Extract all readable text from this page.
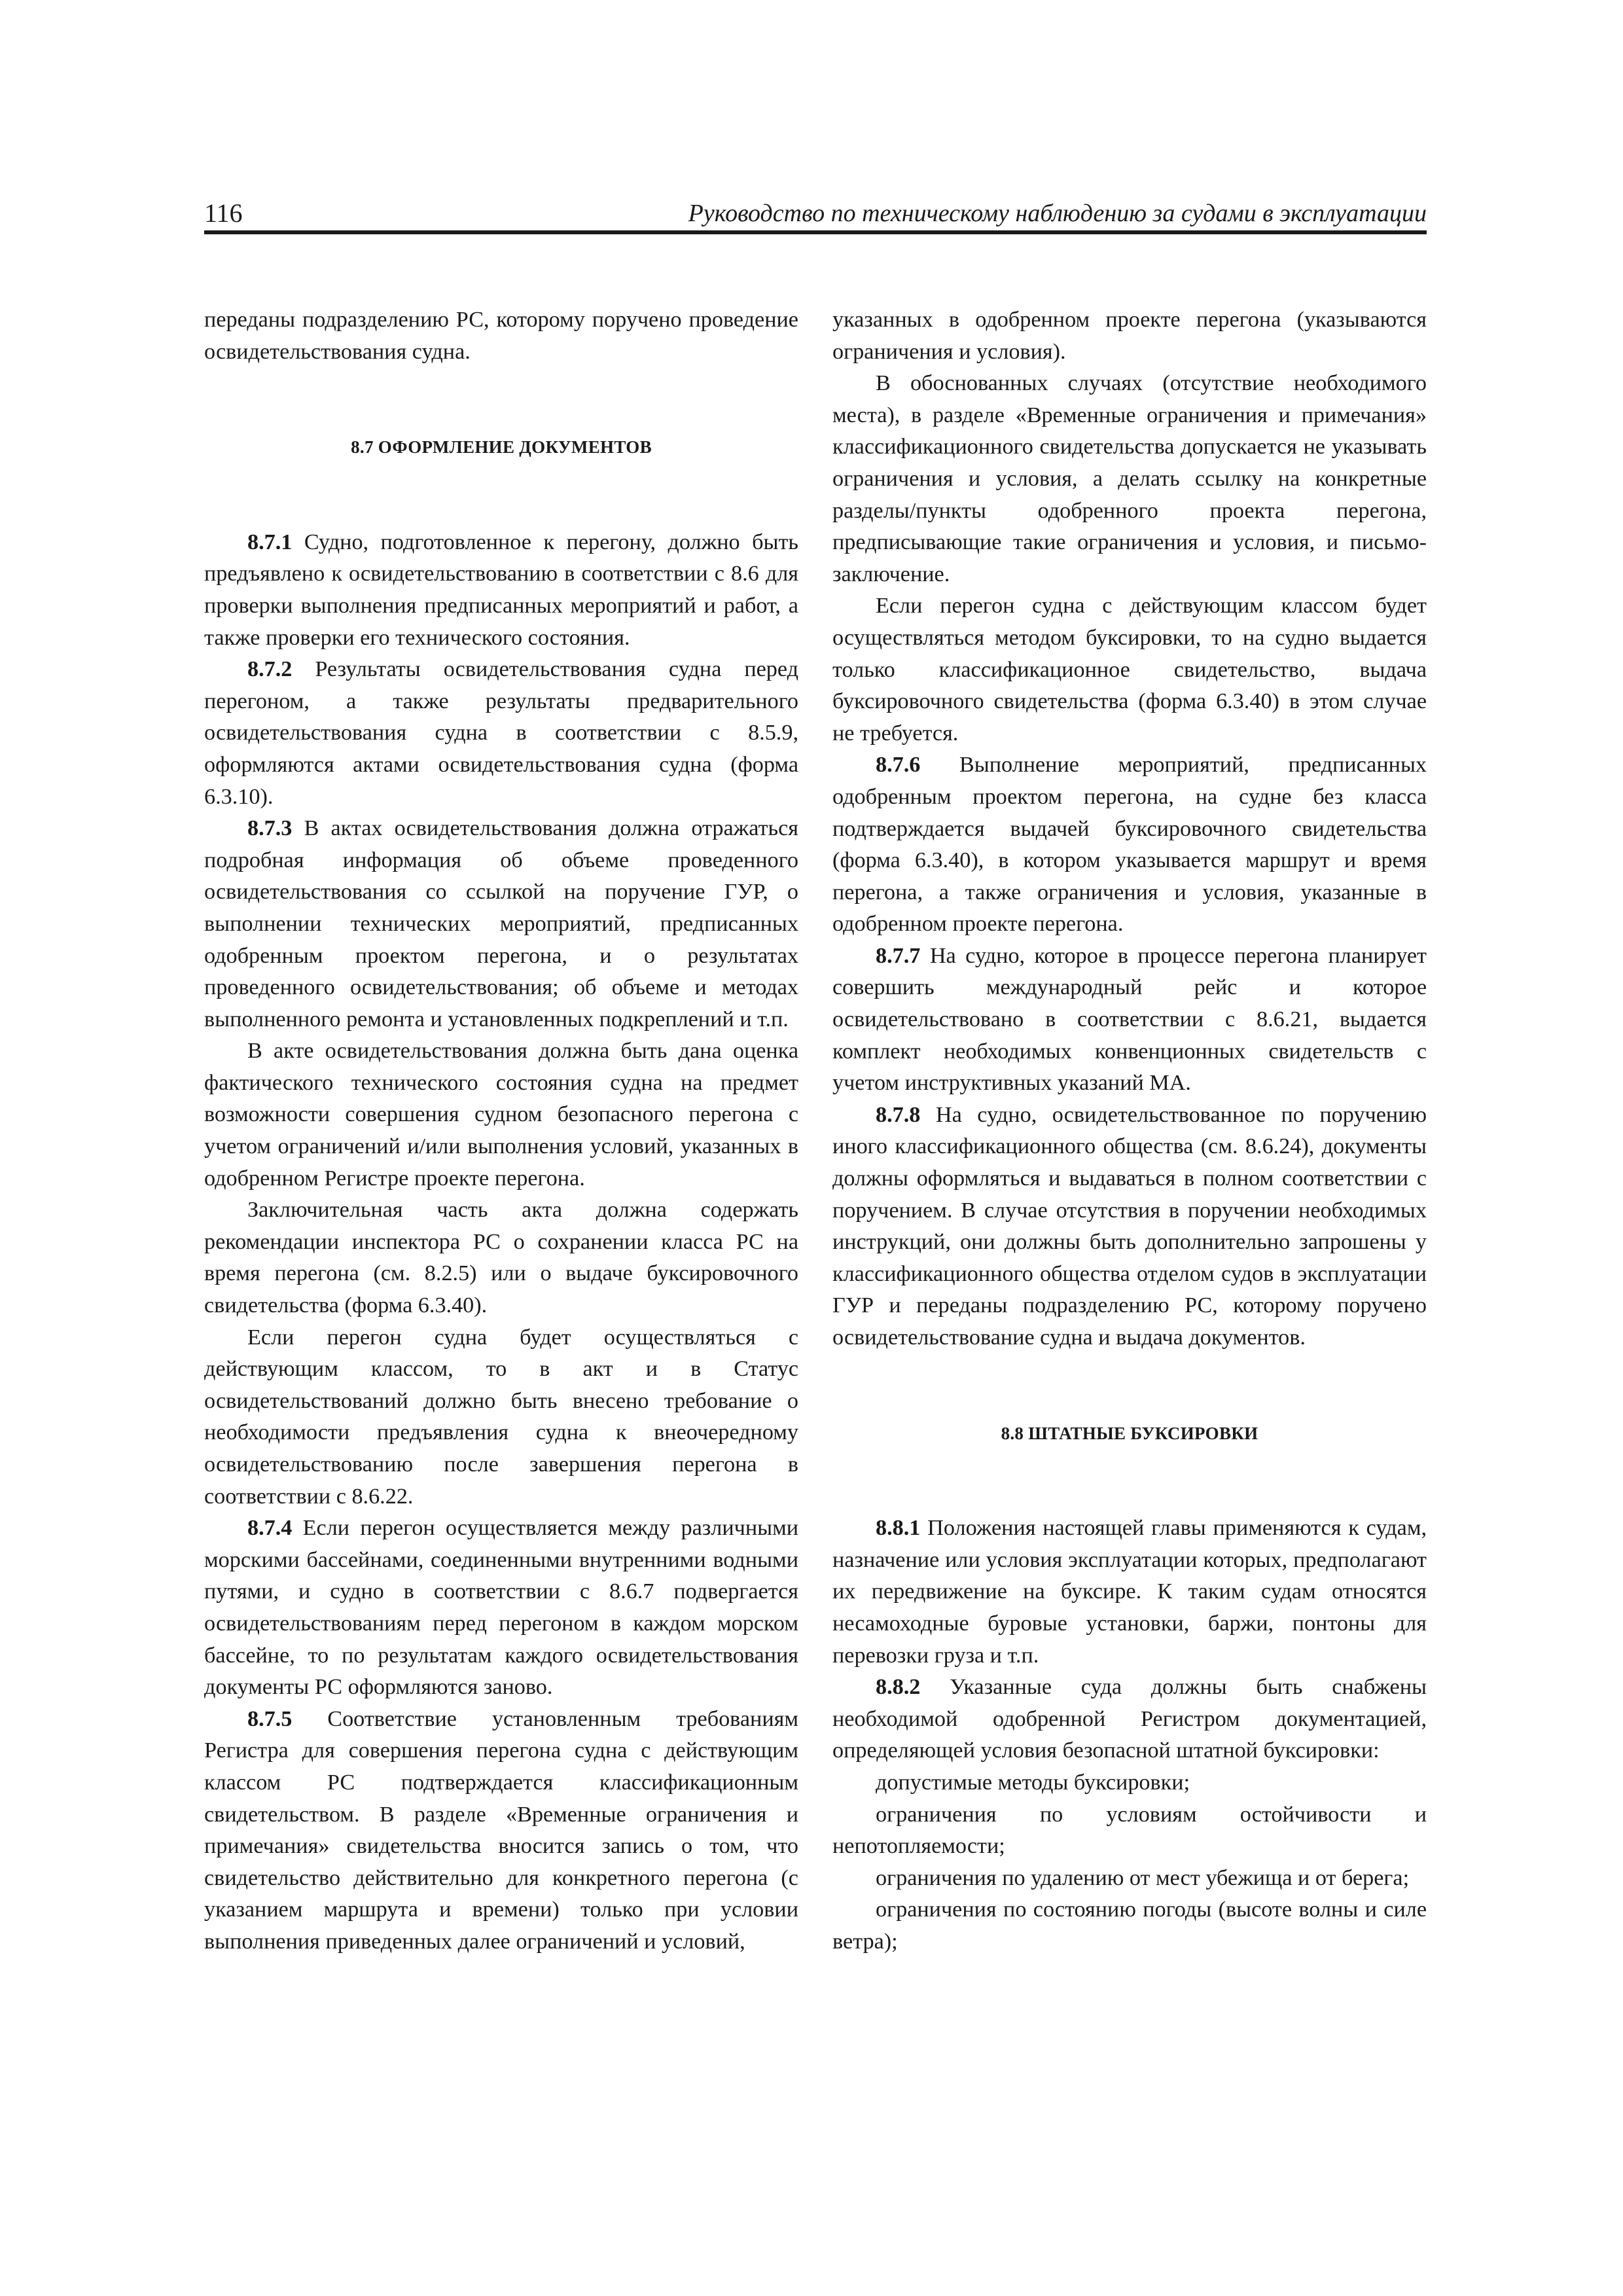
116	Руководство по техническому наблюдению за судами в эксплуатации

переданы подразделению РС, которому поручено проведение освидетельствования судна.

8.7 ОФОРМЛЕНИЕ ДОКУМЕНТОВ

8.7.1 Судно, подготовленное к перегону, должно быть предъявлено к освидетельствованию в соответствии с 8.6 для проверки выполнения предписанных мероприятий и работ, а также проверки его технического состояния.

8.7.2 Результаты освидетельствования судна перед перегоном, а также результаты предварительного освидетельствования судна в соответствии с 8.5.9, оформляются актами освидетельствования судна (форма 6.3.10).

8.7.3 В актах освидетельствования должна отражаться подробная информация об объеме проведенного освидетельствования со ссылкой на поручение ГУР, о выполнении технических мероприятий, предписанных одобренным проектом перегона, и о результатах проведенного освидетельствования; об объеме и методах выполненного ремонта и установленных подкреплений и т.п.

В акте освидетельствования должна быть дана оценка фактического технического состояния судна на предмет возможности совершения судном безопасного перегона с учетом ограничений и/или выполнения условий, указанных в одобренном Регистре проекте перегона.

Заключительная часть акта должна содержать рекомендации инспектора РС о сохранении класса РС на время перегона (см. 8.2.5) или о выдаче буксировочного свидетельства (форма 6.3.40).

Если перегон судна будет осуществляться с действующим классом, то в акт и в Статус освидетельствований должно быть внесено требование о необходимости предъявления судна к внеочередному освидетельствованию после завершения перегона в соответствии с 8.6.22.

8.7.4 Если перегон осуществляется между различными морскими бассейнами, соединенными внутренними водными путями, и судно в соответствии с 8.6.7 подвергается освидетельствованиям перед перегоном в каждом морском бассейне, то по результатам каждого освидетельствования документы РС оформляются заново.

8.7.5 Соответствие установленным требованиям Регистра для совершения перегона судна с действующим классом РС подтверждается классификационным свидетельством. В разделе «Временные ограничения и примечания» свидетельства вносится запись о том, что свидетельство действительно для конкретного перегона (с указанием маршрута и времени) только при условии выполнения приведенных далее ограничений и условий,

указанных в одобренном проекте перегона (указываются ограничения и условия).

В обоснованных случаях (отсутствие необходимого места), в разделе «Временные ограничения и примечания» классификационного свидетельства допускается не указывать ограничения и условия, а делать ссылку на конкретные разделы/пункты одобренного проекта перегона, предписывающие такие ограничения и условия, и письмо-заключение.

Если перегон судна с действующим классом будет осуществляться методом буксировки, то на судно выдается только классификационное свидетельство, выдача буксировочного свидетельства (форма 6.3.40) в этом случае не требуется.

8.7.6 Выполнение мероприятий, предписанных одобренным проектом перегона, на судне без класса подтверждается выдачей буксировочного свидетельства (форма 6.3.40), в котором указывается маршрут и время перегона, а также ограничения и условия, указанные в одобренном проекте перегона.

8.7.7 На судно, которое в процессе перегона планирует совершить международный рейс и которое освидетельствовано в соответствии с 8.6.21, выдается комплект необходимых конвенционных свидетельств с учетом инструктивных указаний МА.

8.7.8 На судно, освидетельствованное по поручению иного классификационного общества (см. 8.6.24), документы должны оформляться и выдаваться в полном соответствии с поручением. В случае отсутствия в поручении необходимых инструкций, они должны быть дополнительно запрошены у классификационного общества отделом судов в эксплуатации ГУР и переданы подразделению РС, которому поручено освидетельствование судна и выдача документов.

8.8 ШТАТНЫЕ БУКСИРОВКИ

8.8.1 Положения настоящей главы применяются к судам, назначение или условия эксплуатации которых, предполагают их передвижение на буксире. К таким судам относятся несамоходные буровые установки, баржи, понтоны для перевозки груза и т.п.

8.8.2 Указанные суда должны быть снабжены необходимой одобренной Регистром документацией, определяющей условия безопасной штатной буксировки:

допустимые методы буксировки;

ограничения по условиям остойчивости и непотопляемости;

ограничения по удалению от мест убежища и от берега;

ограничения по состоянию погоды (высоте волны и силе ветра);
